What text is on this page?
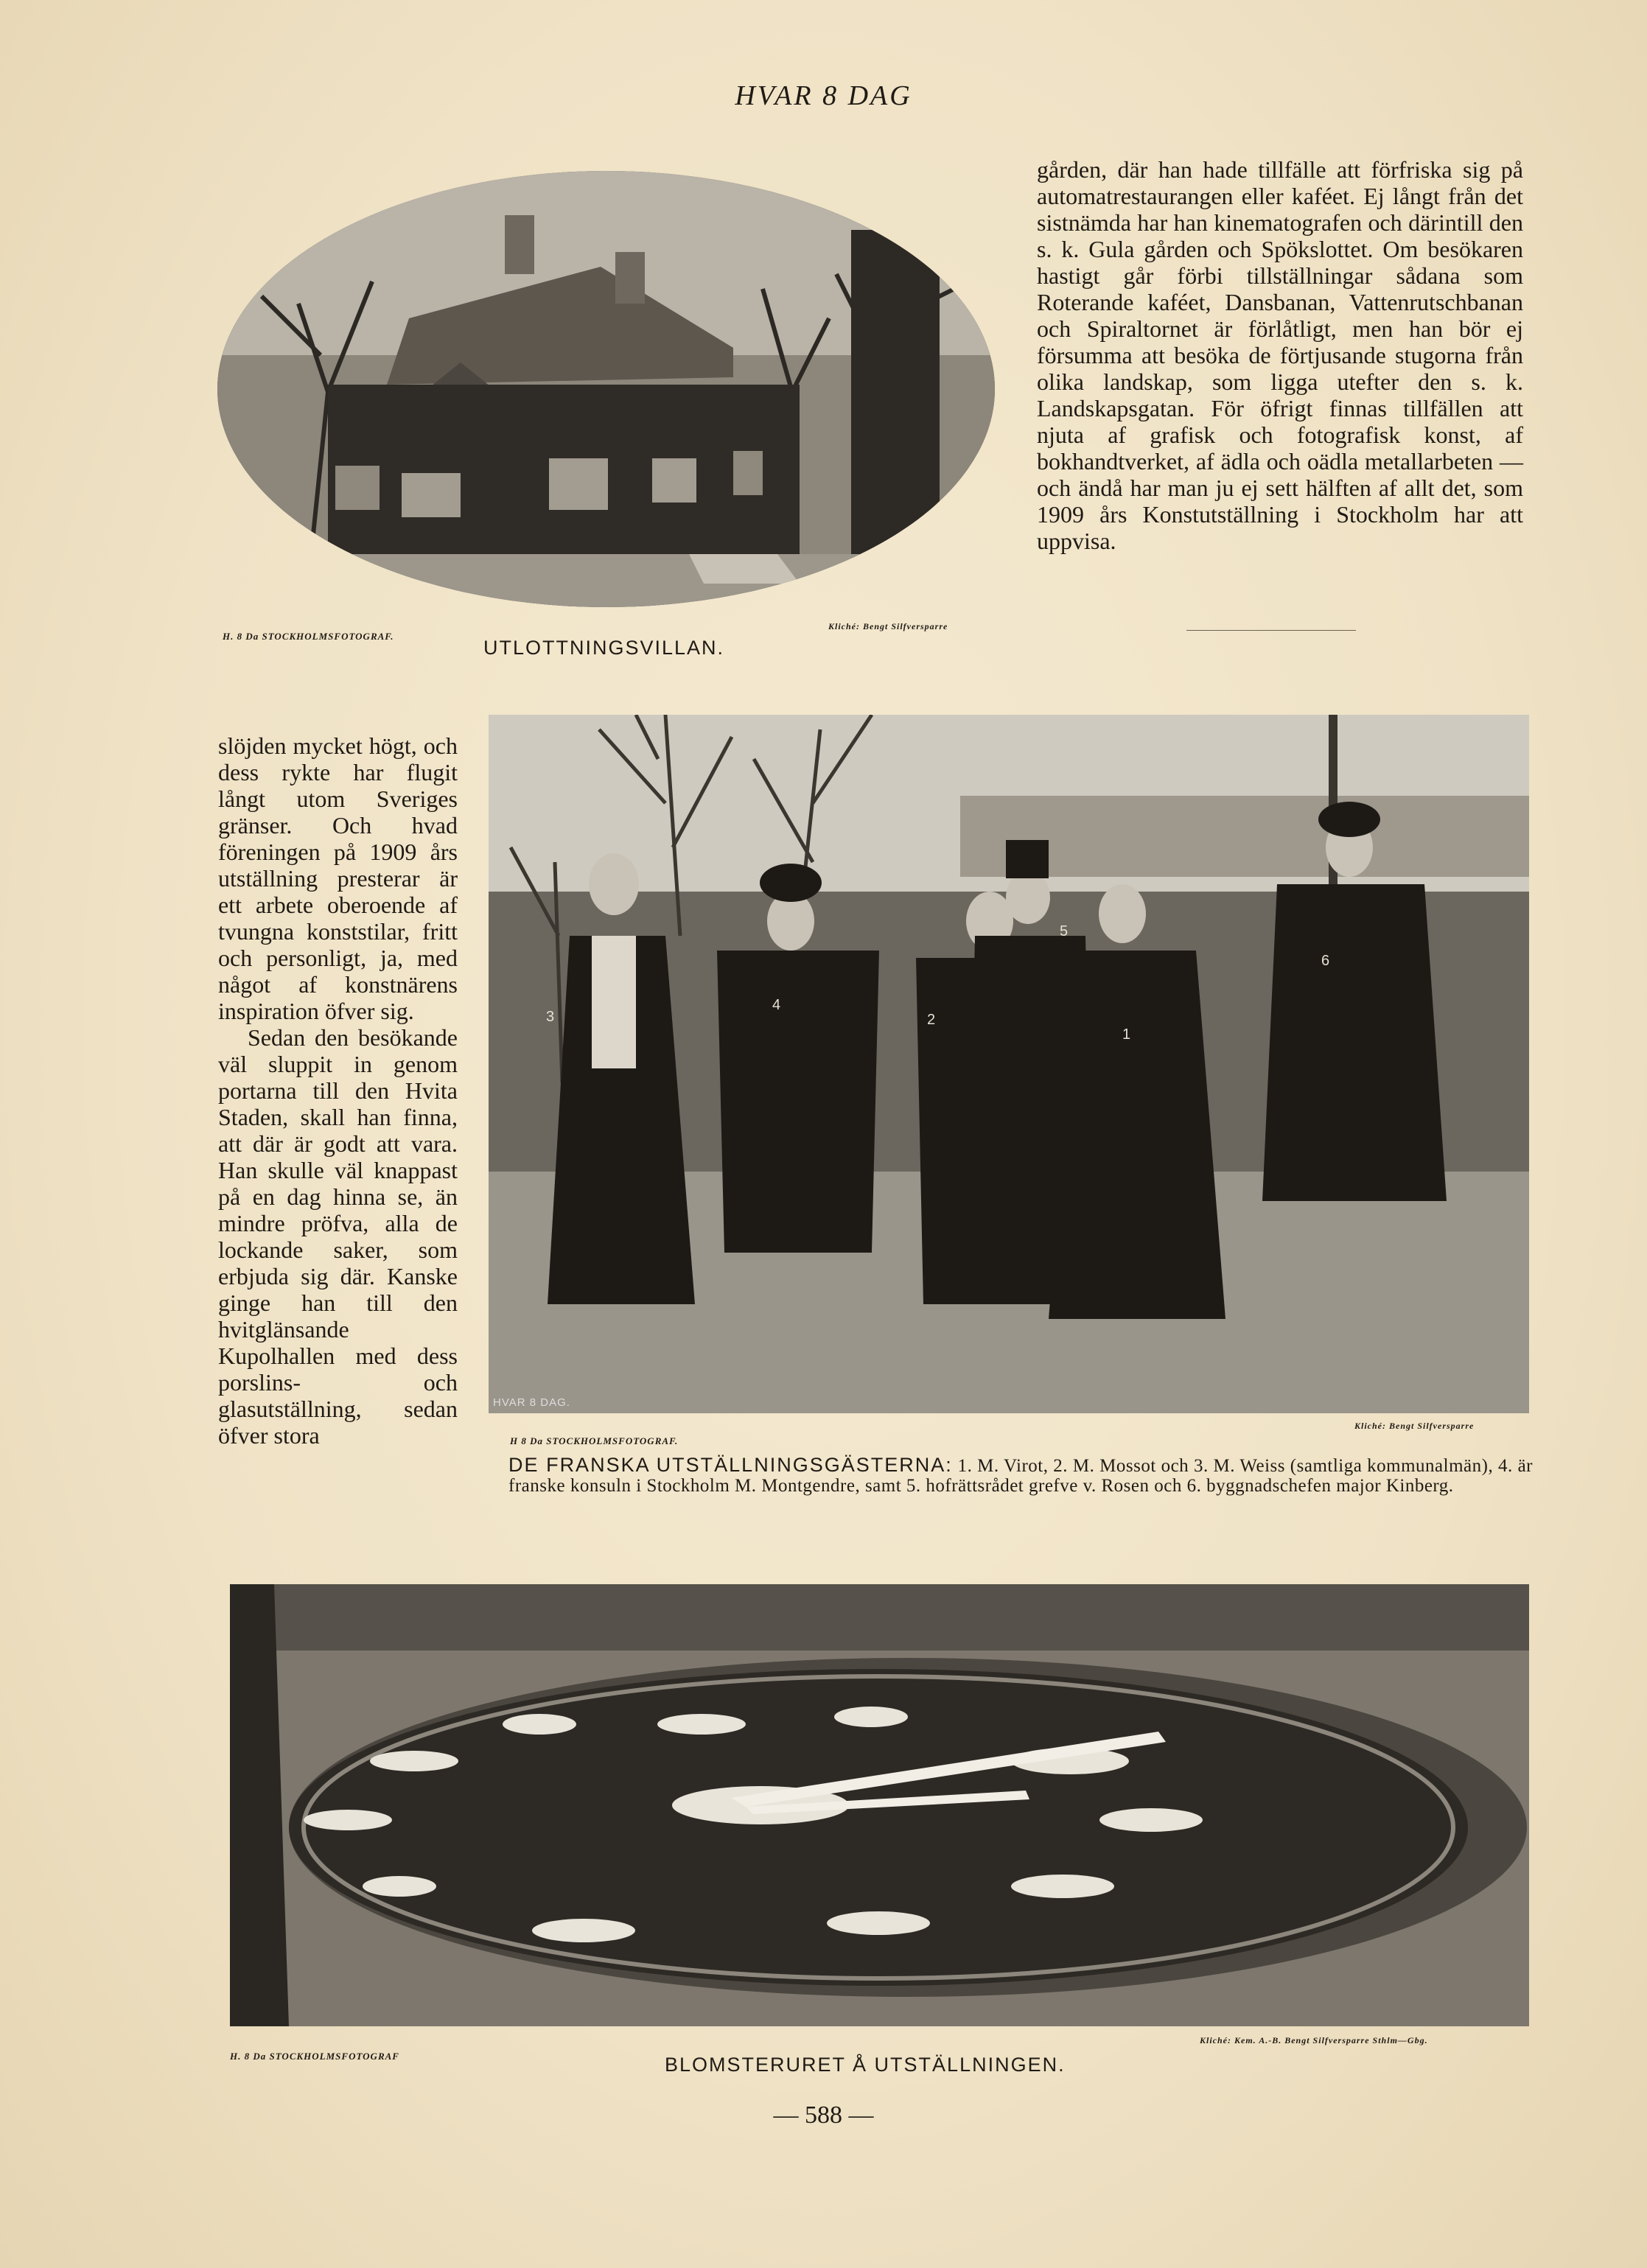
HVAR 8 DAG
H. 8 Da STOCKHOLMSFOTOGRAF.
Kliché: Bengt Silfversparre
UTLOTTNINGSVILLAN.

gården, där han hade tillfälle att förfriska sig på automatrestaurangen eller kaféet. Ej långt från det sistnämda har han kinematografen och därintill den s. k. Gula gården och Spökslottet. Om besökaren hastigt går förbi tillställningar sådana som Roterande kaféet, Dansbanan, Vattenrutschbanan och Spiraltornet är förlåtligt, men han bör ej försumma att besöka de förtjusande stugorna från olika landskap, som ligga utefter den s. k. Landskapsgatan. För öfrigt finnas tillfällen att njuta af grafisk och fotografisk konst, af bokhandtverket, af ädla och oädla metallarbeten — och ändå har man ju ej sett hälften af allt det, som 1909 års Konstutställning i Stockholm har att uppvisa.

slöjden mycket högt, och dess rykte har flugit långt utom Sveriges gränser. Och hvad föreningen på 1909 års utställning presterar är ett arbete oberoende af tvungna konststilar, fritt och personligt, ja, med något af konstnärens inspiration öfver sig.

Sedan den besökande väl sluppit in genom portarna till den Hvita Staden, skall han finna, att där är godt att vara. Han skulle väl knappast på en dag hinna se, än mindre pröfva, alla de lockande saker, som erbjuda sig där. Kanske ginge han till den hvitglänsande Kupolhallen med dess porslins- och glasutställning, sedan öfver stora

3
4
2
5
1
6
HVAR 8 DAG.
H 8 Da STOCKHOLMSFOTOGRAF.
Kliché: Bengt Silfversparre
DE FRANSKA UTSTÄLLNINGSGÄSTERNA: 1. M. Virot, 2. M. Mossot och 3. M. Weiss (samtliga kommunalmän), 4. är franske konsuln i Stockholm M. Montgendre, samt 5. hofrättsrådet grefve v. Rosen och 6. byggnadschefen major Kinberg.
H. 8 Da STOCKHOLMSFOTOGRAF
Kliché: Kem. A.-B. Bengt Silfversparre Sthlm—Gbg.
BLOMSTERURET Å UTSTÄLLNINGEN.
— 588 —
